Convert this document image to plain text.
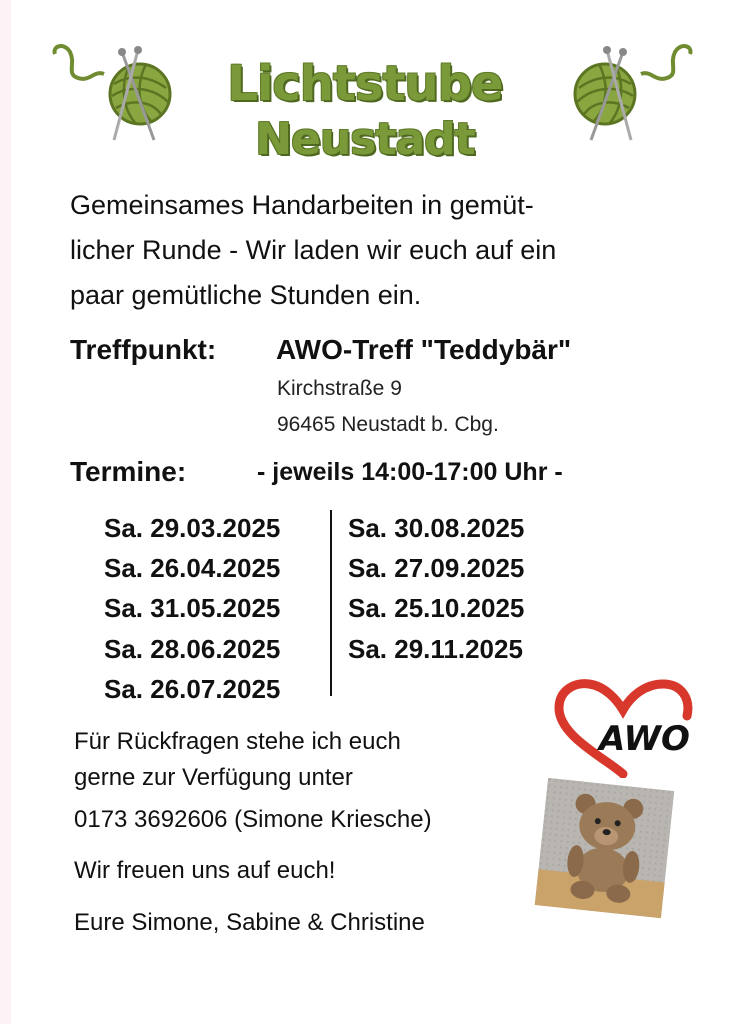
Lichtstube
Neustadt
Gemeinsames Handarbeiten in gemüt-
licher Runde - Wir laden wir euch auf ein
paar gemütliche Stunden ein.
Treffpunkt: AWO-Treff "Teddybär"
Kirchstraße 9
96465 Neustadt b. Cbg.
Termine:	- jeweils 14:00-17:00 Uhr -
Sa. 29.03.2025
Sa. 26.04.2025
Sa. 31.05.2025
Sa. 28.06.2025
Sa. 26.07.2025
Sa. 30.08.2025
Sa. 27.09.2025
Sa. 25.10.2025
Sa. 29.11.2025
Für Rückfragen stehe ich euch
gerne zur Verfügung unter
0173 3692606 (Simone Kriesche)
Wir freuen uns auf euch!
Eure Simone, Sabine & Christine
AWO
